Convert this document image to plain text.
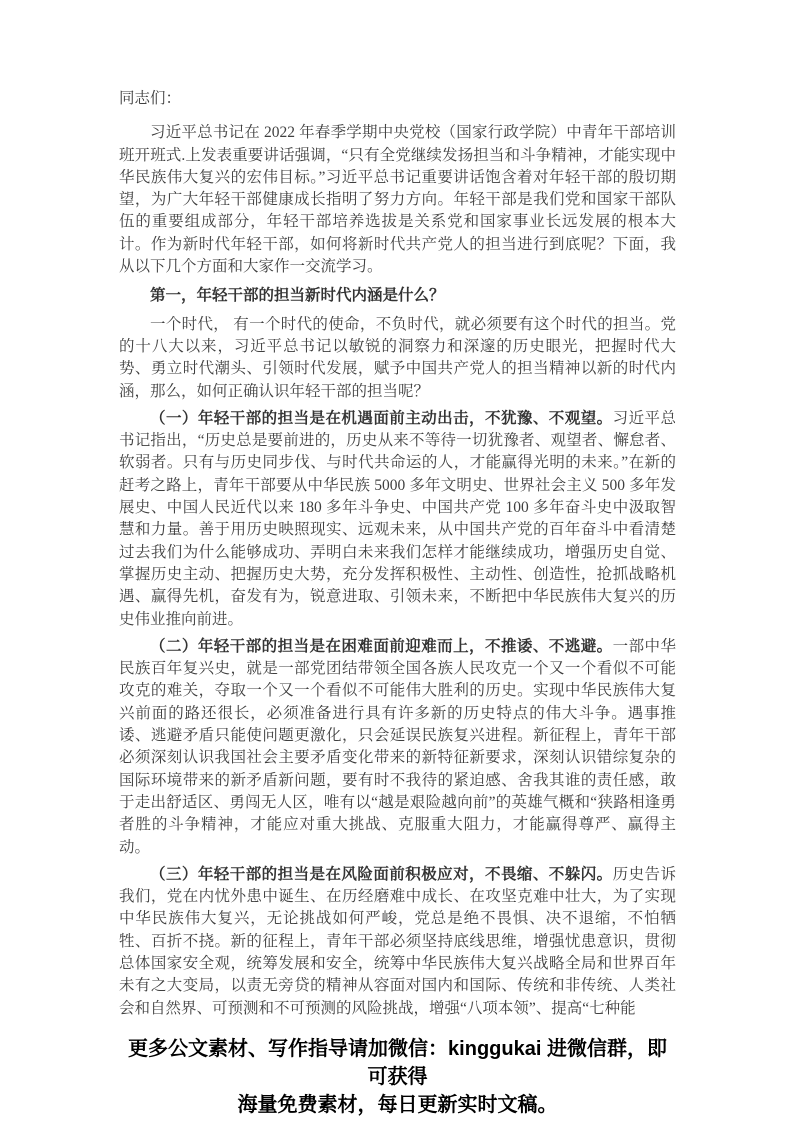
同志们：

习近平总书记在 2022 年春季学期中央党校（国家行政学院）中青年干部培训班开班式.上发表重要讲话强调，“只有全党继续发扬担当和斗争精神，才能实现中华民族伟大复兴的宏伟目标。”习近平总书记重要讲话饱含着对年轻干部的殷切期望，为广大年轻干部健康成长指明了努力方向。年轻干部是我们党和国家干部队伍的重要组成部分，年轻干部培养选拔是关系党和国家事业长远发展的根本大计。作为新时代年轻干部，如何将新时代共产党人的担当进行到底呢？下面，我从以下几个方面和大家作一交流学习。

第一，年轻干部的担当新时代内涵是什么？

一个时代， 有一个时代的使命，不负时代，就必须要有这个时代的担当。党的十八大以来，习近平总书记以敏锐的洞察力和深邃的历史眼光，把握时代大势、勇立时代潮头、引领时代发展，赋予中国共产党人的担当精神以新的时代内涵，那么，如何正确认识年轻干部的担当呢？

（一）年轻干部的担当是在机遇面前主动出击，不犹豫、不观望。习近平总书记指出，“历史总是要前进的，历史从来不等待一切犹豫者、观望者、懈怠者、软弱者。只有与历史同步伐、与时代共命运的人，才能赢得光明的未来。”在新的赶考之路上，青年干部要从中华民族 5000 多年文明史、世界社会主义 500 多年发展史、中国人民近代以来 180 多年斗争史、中国共产党 100 多年奋斗史中汲取智慧和力量。善于用历史映照现实、远观未来，从中国共产党的百年奋斗中看清楚过去我们为什么能够成功、弄明白未来我们怎样才能继续成功，增强历史自觉、掌握历史主动、把握历史大势，充分发挥积极性、主动性、创造性，抢抓战略机遇、赢得先机，奋发有为，锐意进取、引领未来，不断把中华民族伟大复兴的历史伟业推向前进。

（二）年轻干部的担当是在困难面前迎难而上，不推诿、不逃避。一部中华民族百年复兴史，就是一部党团结带领全国各族人民攻克一个又一个看似不可能攻克的难关，夺取一个又一个看似不可能伟大胜利的历史。实现中华民族伟大复兴前面的路还很长，必须准备进行具有许多新的历史特点的伟大斗争。遇事推诿、逃避矛盾只能使问题更激化，只会延误民族复兴进程。新征程上，青年干部必须深刻认识我国社会主要矛盾变化带来的新特征新要求，深刻认识错综复杂的国际环境带来的新矛盾新问题，要有时不我待的紧迫感、舍我其谁的责任感，敢于走出舒适区、勇闯无人区，唯有以“越是艰险越向前”的英雄气概和“狭路相逢勇者胜的斗争精神，才能应对重大挑战、克服重大阻力，才能赢得尊严、赢得主动。

（三）年轻干部的担当是在风险面前积极应对，不畏缩、不躲闪。历史告诉我们，党在内忧外患中诞生、在历经磨难中成长、在攻坚克难中壮大，为了实现中华民族伟大复兴，无论挑战如何严峻，党总是绝不畏惧、决不退缩，不怕牺牲、百折不挠。新的征程上，青年干部必须坚持底线思维，增强忧患意识，贯彻总体国家安全观，统筹发展和安全，统筹中华民族伟大复兴战略全局和世界百年未有之大变局，以责无旁贷的精神从容面对国内和国际、传统和非传统、人类社会和自然界、可预测和不可预测的风险挑战，增强“八项本领”、提高“七种能

更多公文素材、写作指导请加微信：kinggukai 进微信群，即可获得
海量免费素材，每日更新实时文稿。
